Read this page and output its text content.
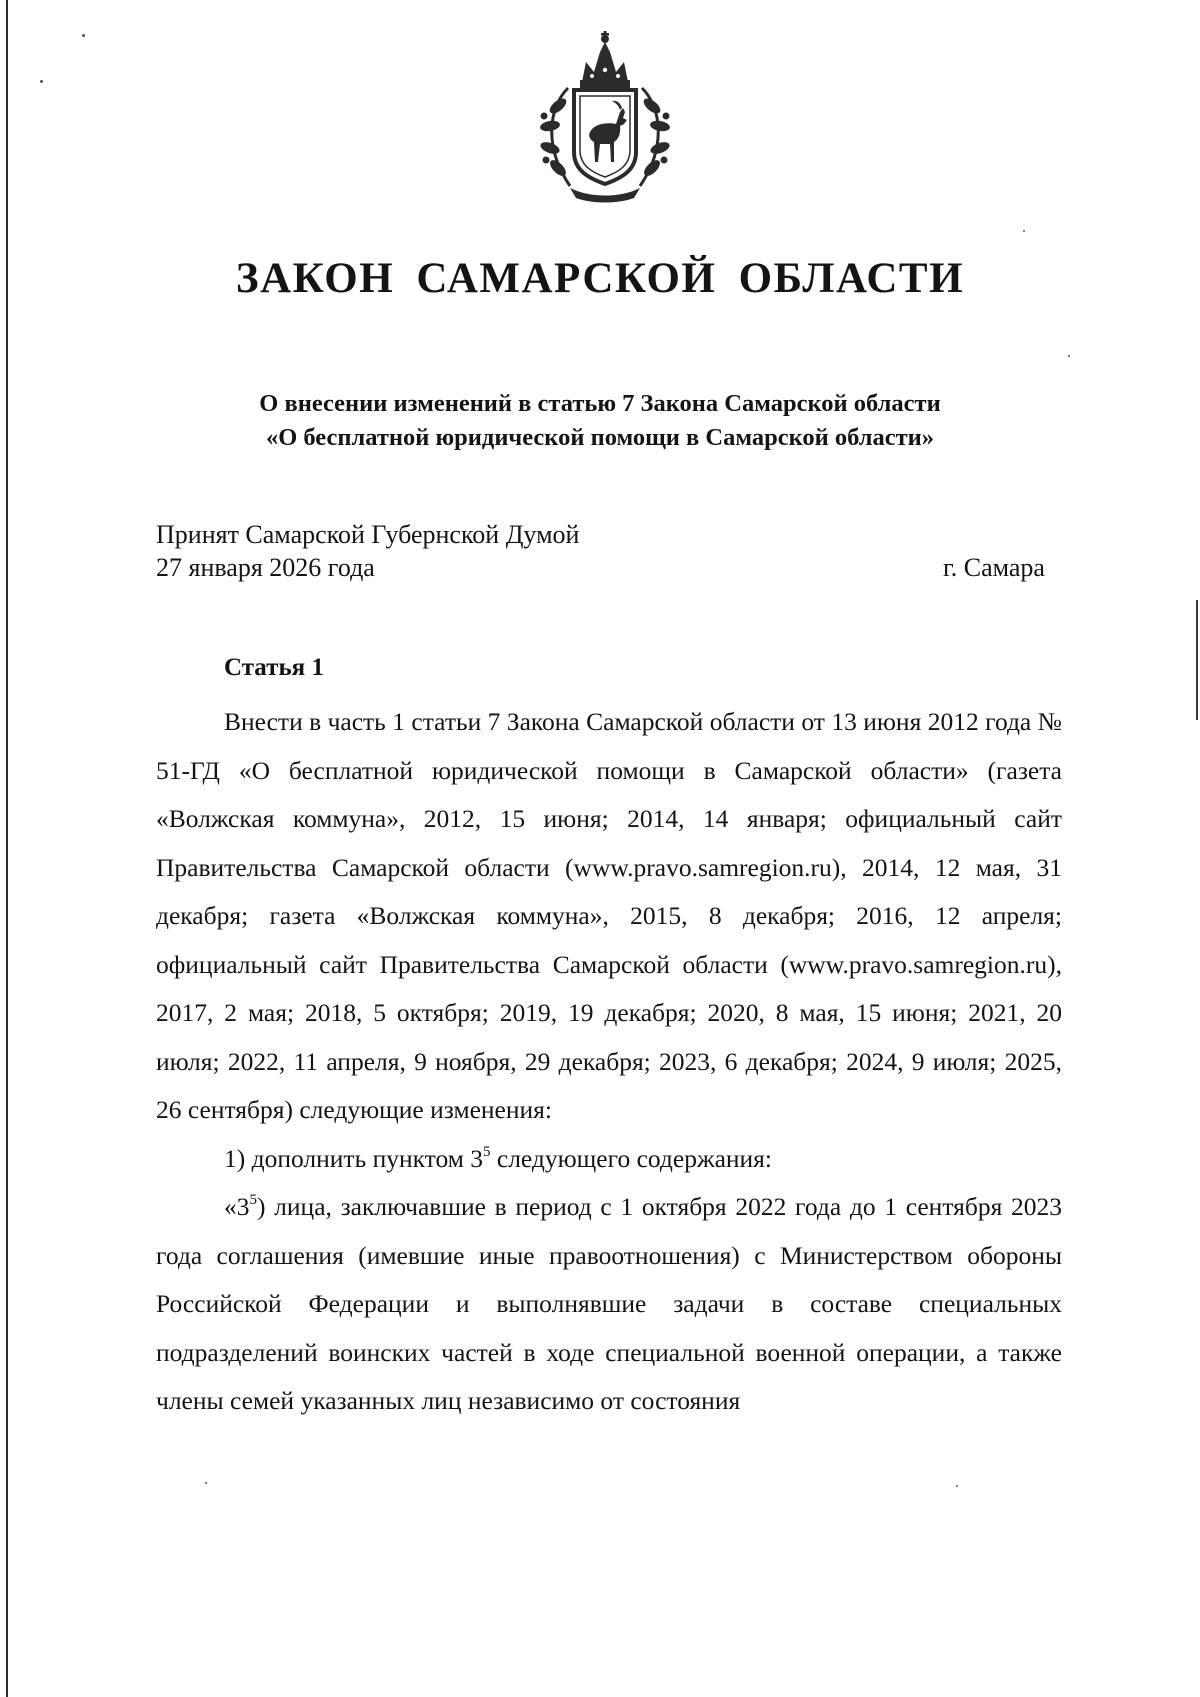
ЗАКОН САМАРСКОЙ ОБЛАСТИ
О внесении изменений в статью 7 Закона Самарской области
«О бесплатной юридической помощи в Самарской области»
Принят Самарской Губернской Думой
27 января 2026 года	г. Самара
Статья 1

Внести в часть 1 статьи 7 Закона Самарской области от 13 июня 2012 года № 51-ГД «О бесплатной юридической помощи в Самарской области» (газета «Волжская коммуна», 2012, 15 июня; 2014, 14 января; официальный сайт Правительства Самарской области (www.pravo.samregion.ru), 2014, 12 мая, 31 декабря; газета «Волжская коммуна», 2015, 8 декабря; 2016, 12 апреля; официальный сайт Правительства Самарской области (www.pravo.samregion.ru), 2017, 2 мая; 2018, 5 октября; 2019, 19 декабря; 2020, 8 мая, 15 июня; 2021, 20 июля; 2022, 11 апреля, 9 ноября, 29 декабря; 2023, 6 декабря; 2024, 9 июля; 2025, 26 сентября) следующие изменения:

1) дополнить пунктом $3^5$ следующего содержания:

«$3^5$) лица, заключавшие в период с 1 октября 2022 года до 1 сентября 2023 года соглашения (имевшие иные правоотношения) с Министерством обороны Российской Федерации и выполнявшие задачи в составе специальных подразделений воинских частей в ходе специальной военной операции, а также члены семей указанных лиц независимо от состояния
